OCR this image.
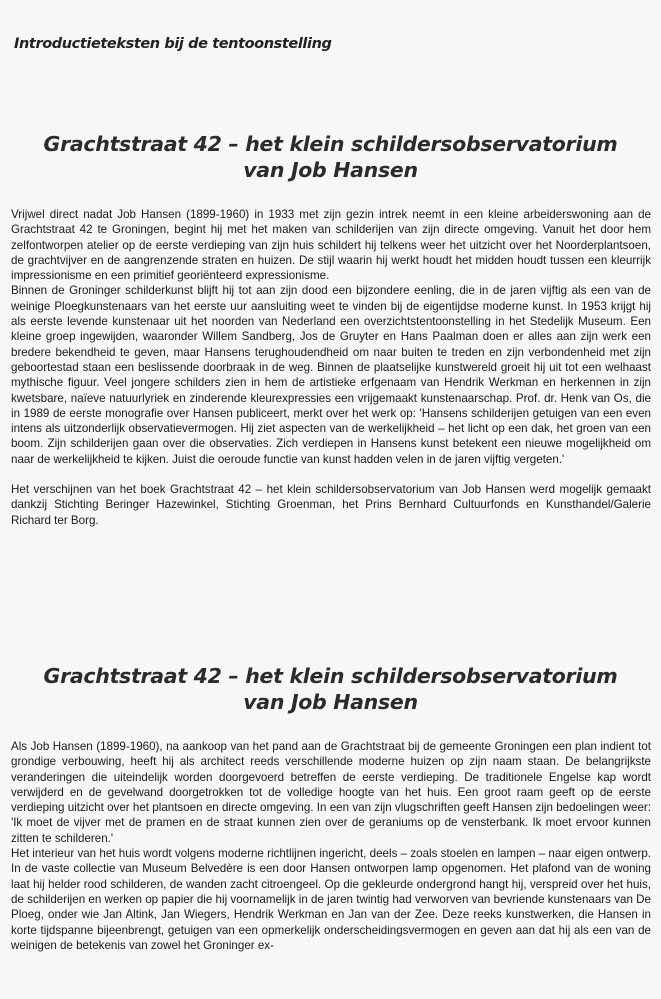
Introductieteksten bij de tentoonstelling
Grachtstraat 42 – het klein schildersobservatorium
van Job Hansen

Vrijwel direct nadat Job Hansen (1899-1960) in 1933 met zijn gezin intrek neemt in een kleine arbeiderswoning aan de Grachtstraat 42 te Groningen, begint hij met het maken van schilderijen van zijn directe omgeving. Vanuit het door hem zelfontworpen atelier op de eerste verdieping van zijn huis schildert hij telkens weer het uitzicht over het Noorderplantsoen, de grachtvijver en de aangrenzende straten en huizen. De stijl waarin hij werkt houdt het midden houdt tussen een kleurrijk impressionisme en een primitief georiënteerd expressionisme.

Binnen de Groninger schilderkunst blijft hij tot aan zijn dood een bijzondere eenling, die in de jaren vijftig als een van de weinige Ploegkunstenaars van het eerste uur aansluiting weet te vinden bij de eigentijdse moderne kunst. In 1953 krijgt hij als eerste levende kunstenaar uit het noorden van Nederland een overzichtstentoonstelling in het Stedelijk Museum. Een kleine groep ingewijden, waaronder Willem Sandberg, Jos de Gruyter en Hans Paalman doen er alles aan zijn werk een bredere bekendheid te geven, maar Hansens terughoudendheid om naar buiten te treden en zijn verbondenheid met zijn geboortestad staan een beslissende doorbraak in de weg. Binnen de plaatselijke kunstwereld groeit hij uit tot een welhaast mythische figuur. Veel jongere schilders zien in hem de artistieke erfgenaam van Hendrik Werkman en herkennen in zijn kwetsbare, naïeve natuurlyriek en zinderende kleurexpressies een vrijgemaakt kunstenaarschap. Prof. dr. Henk van Os, die in 1989 de eerste monografie over Hansen publiceert, merkt over het werk op: 'Hansens schilderijen getuigen van een even intens als uitzonderlijk observatievermogen. Hij ziet aspecten van de werkelijkheid – het licht op een dak, het groen van een boom. Zijn schilderijen gaan over die observaties. Zich verdiepen in Hansens kunst betekent een nieuwe mogelijkheid om naar de werkelijkheid te kijken. Juist die oeroude functie van kunst hadden velen in de jaren vijftig vergeten.'

Het verschijnen van het boek Grachtstraat 42 – het klein schildersobservatorium van Job Hansen werd mogelijk gemaakt dankzij Stichting Beringer Hazewinkel, Stichting Groenman, het Prins Bernhard Cultuurfonds en Kunsthandel/Galerie Richard ter Borg.

Grachtstraat 42 – het klein schildersobservatorium
van Job Hansen

Als Job Hansen (1899-1960), na aankoop van het pand aan de Grachtstraat bij de gemeente Groningen een plan indient tot grondige verbouwing, heeft hij als architect reeds verschillende moderne huizen op zijn naam staan. De belangrijkste veranderingen die uiteindelijk worden doorgevoerd betreffen de eerste verdieping. De traditionele Engelse kap wordt verwijderd en de gevelwand doorgetrokken tot de volledige hoogte van het huis. Een groot raam geeft op de eerste verdieping uitzicht over het plantsoen en directe omgeving. In een van zijn vlugschriften geeft Hansen zijn bedoelingen weer: 'Ik moet de vijver met de pramen en de straat kunnen zien over de geraniums op de vensterbank. Ik moet ervoor kunnen zitten te schilderen.'

Het interieur van het huis wordt volgens moderne richtlijnen ingericht, deels – zoals stoelen en lampen – naar eigen ontwerp. In de vaste collectie van Museum Belvedère is een door Hansen ontworpen lamp opgenomen. Het plafond van de woning laat hij helder rood schilderen, de wanden zacht citroengeel. Op die gekleurde ondergrond hangt hij, verspreid over het huis, de schilderijen en werken op papier die hij voornamelijk in de jaren twintig had verworven van bevriende kunstenaars van De Ploeg, onder wie Jan Altink, Jan Wiegers, Hendrik Werkman en Jan van der Zee. Deze reeks kunstwerken, die Hansen in korte tijdspanne bijeenbrengt, getuigen van een opmerkelijk onderscheidingsvermogen en geven aan dat hij als een van de weinigen de betekenis van zowel het Groninger ex-
